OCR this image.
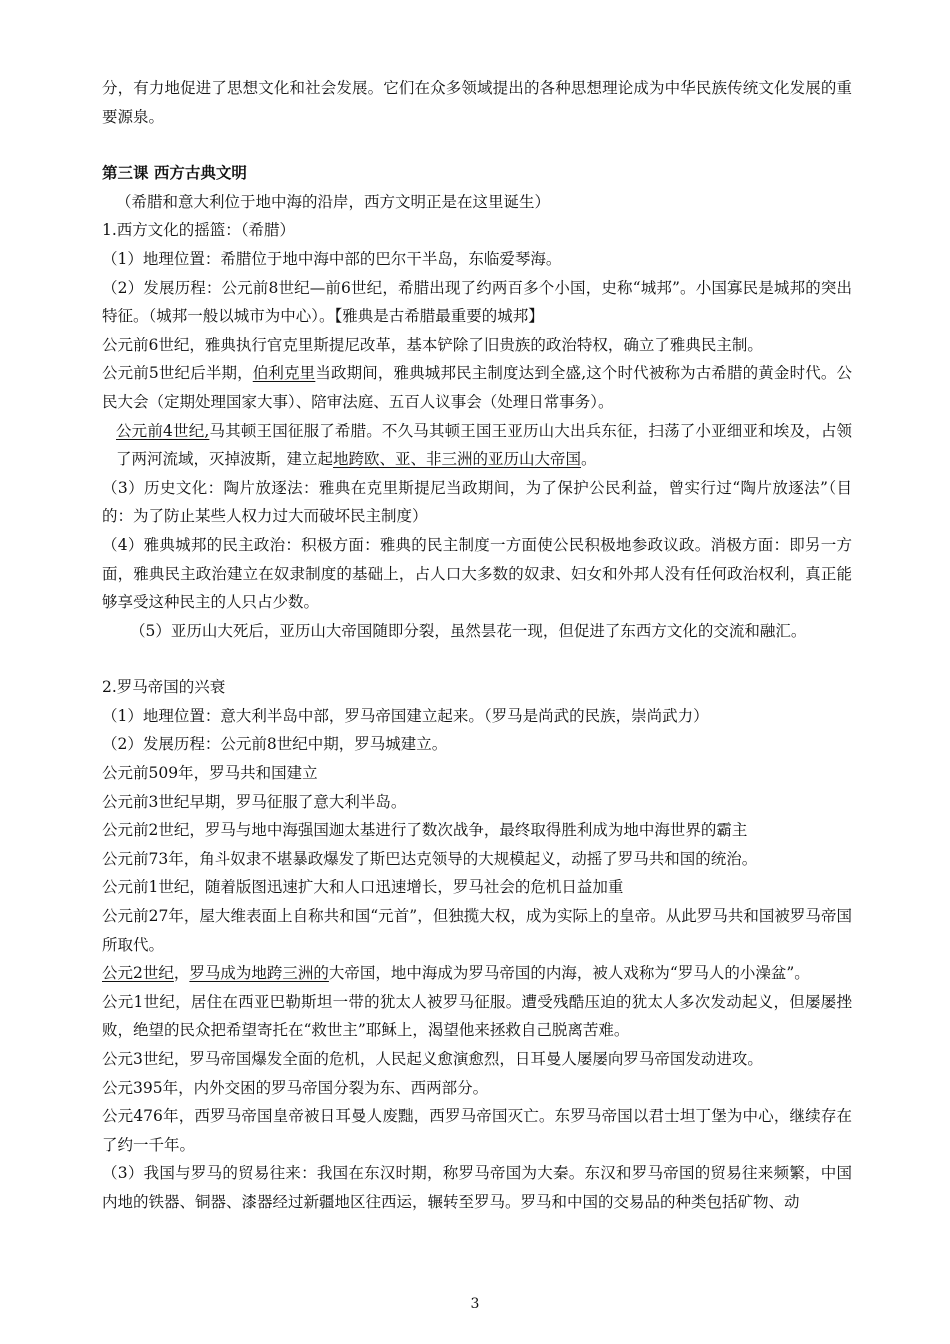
分，有力地促进了思想文化和社会发展。它们在众多领域提出的各种思想理论成为中华民族传统文化发展的重要源泉。

第三课 西方古典文明

（希腊和意大利位于地中海的沿岸，西方文明正是在这里诞生）

1.西方文化的摇篮：（希腊）

（1）地理位置：希腊位于地中海中部的巴尔干半岛，东临爱琴海。

（2）发展历程：公元前8世纪—前6世纪，希腊出现了约两百多个小国，史称“城邦”。小国寡民是城邦的突出特征。（城邦一般以城市为中心）。【雅典是古希腊最重要的城邦】

公元前6世纪，雅典执行官克里斯提尼改革，基本铲除了旧贵族的政治特权，确立了雅典民主制。

公元前5世纪后半期，伯利克里当政期间，雅典城邦民主制度达到全盛,这个时代被称为古希腊的黄金时代。公民大会（定期处理国家大事）、陪审法庭、五百人议事会（处理日常事务）。

公元前4世纪,马其顿王国征服了希腊。不久马其顿王国王亚历山大出兵东征，扫荡了小亚细亚和埃及，占领了两河流域，灭掉波斯，建立起地跨欧、亚、非三洲的亚历山大帝国。

（3）历史文化：陶片放逐法：雅典在克里斯提尼当政期间，为了保护公民利益，曾实行过“陶片放逐法”（目的：为了防止某些人权力过大而破坏民主制度）

（4）雅典城邦的民主政治：积极方面：雅典的民主制度一方面使公民积极地参政议政。消极方面：即另一方面，雅典民主政治建立在奴隶制度的基础上，占人口大多数的奴隶、妇女和外邦人没有任何政治权利，真正能够享受这种民主的人只占少数。

（5）亚历山大死后，亚历山大帝国随即分裂，虽然昙花一现，但促进了东西方文化的交流和融汇。

2.罗马帝国的兴衰

（1）地理位置：意大利半岛中部，罗马帝国建立起来。（罗马是尚武的民族，崇尚武力）

（2）发展历程：公元前8世纪中期，罗马城建立。

公元前509年，罗马共和国建立

公元前3世纪早期，罗马征服了意大利半岛。

公元前2世纪，罗马与地中海强国迦太基进行了数次战争，最终取得胜利成为地中海世界的霸主

公元前73年，角斗奴隶不堪暴政爆发了斯巴达克领导的大规模起义，动摇了罗马共和国的统治。

公元前1世纪，随着版图迅速扩大和人口迅速增长，罗马社会的危机日益加重

公元前27年，屋大维表面上自称共和国“元首”，但独揽大权，成为实际上的皇帝。从此罗马共和国被罗马帝国所取代。

公元2世纪，罗马成为地跨三洲的大帝国，地中海成为罗马帝国的内海，被人戏称为“罗马人的小澡盆”。

公元1世纪，居住在西亚巴勒斯坦一带的犹太人被罗马征服。遭受残酷压迫的犹太人多次发动起义，但屡屡挫败，绝望的民众把希望寄托在“救世主”耶稣上，渴望他来拯救自己脱离苦难。

公元3世纪，罗马帝国爆发全面的危机，人民起义愈演愈烈，日耳曼人屡屡向罗马帝国发动进攻。

公元395年，内外交困的罗马帝国分裂为东、西两部分。

公元476年，西罗马帝国皇帝被日耳曼人废黜，西罗马帝国灭亡。东罗马帝国以君士坦丁堡为中心，继续存在了约一千年。

（3）我国与罗马的贸易往来：我国在东汉时期，称罗马帝国为大秦。东汉和罗马帝国的贸易往来频繁，中国内地的铁器、铜器、漆器经过新疆地区往西运，辗转至罗马。罗马和中国的交易品的种类包括矿物、动

3
